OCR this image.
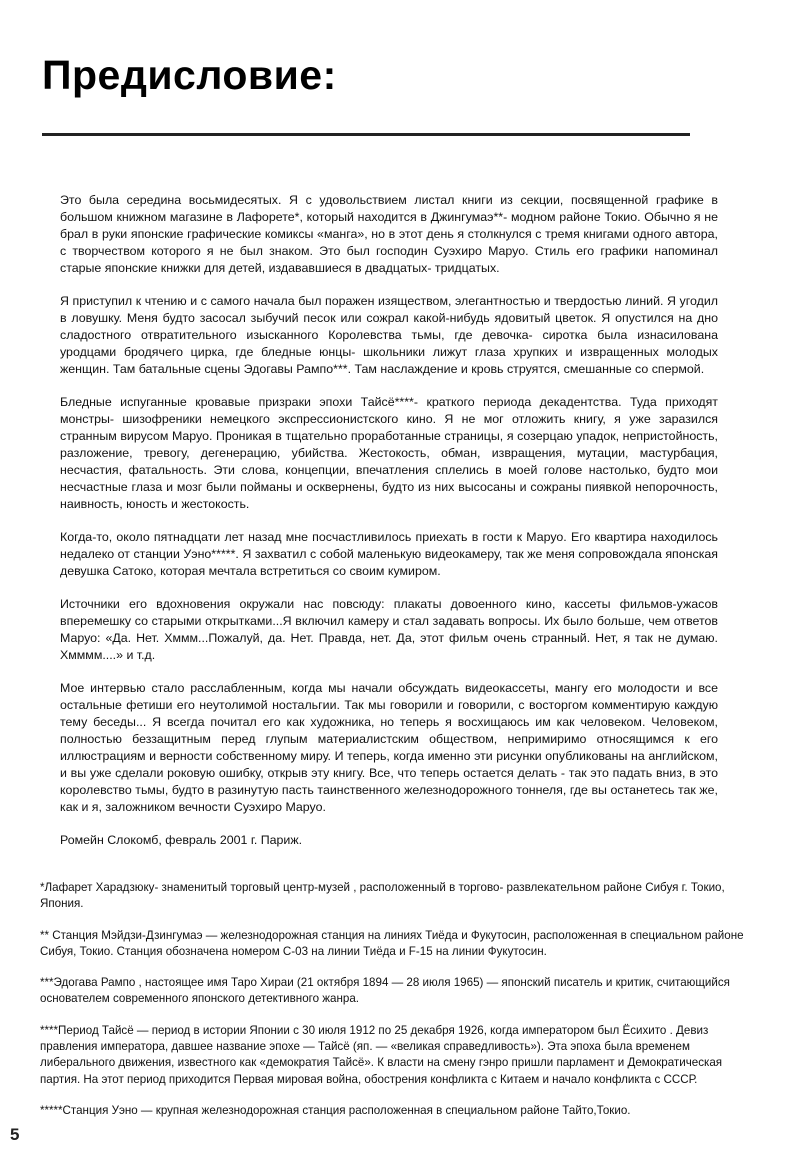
Предисловие:

Это была середина восьмидесятых. Я с удовольствием листал книги из секции, посвященной графике в большом книжном магазине в Лафорете*, который находится в Джингумаэ**- модном районе Токио. Обычно я не брал в руки японские графические комиксы «манга», но в этот день я столкнулся с тремя книгами одного автора, с творчеством которого я не был знаком. Это был господин Суэхиро Маруо. Стиль его графики напоминал старые японские книжки для детей, издававшиеся в двадцатых- тридцатых.

Я приступил к чтению и с самого начала был поражен изяществом, элегантностью и твердостью линий. Я угодил в ловушку. Меня будто засосал зыбучий песок или сожрал какой-нибудь ядовитый цветок. Я опустился на дно сладостного отвратительного изысканного Королевства тьмы, где девочка- сиротка была изнасилована уродцами бродячего цирка, где бледные юнцы- школьники лижут глаза хрупких и извращенных молодых женщин. Там батальные сцены Эдогавы Рампо***. Там наслаждение и кровь струятся, смешанные со спермой.

Бледные испуганные кровавые призраки эпохи Тайсё****- краткого периода декадентства. Туда приходят монстры- шизофреники немецкого экспрессионистского кино. Я не мог отложить книгу, я уже заразился странным вирусом Маруо. Проникая в тщательно проработанные страницы, я созерцаю упадок, непристойность, разложение, тревогу, дегенерацию, убийства. Жестокость, обман, извращения, мутации, мастурбация, несчастия, фатальность. Эти слова, концепции, впечатления сплелись в моей голове настолько, будто мои несчастные глаза и мозг были пойманы и осквернены, будто из них высосаны и сожраны пиявкой непорочность, наивность, юность и жестокость.

Когда-то, около пятнадцати лет назад мне посчастливилось приехать в гости к Маруо. Его квартира находилось недалеко от станции Уэно*****. Я захватил с собой маленькую видеокамеру, так же меня сопровождала японская девушка Сатоко, которая мечтала встретиться со своим кумиром.

Источники его вдохновения окружали нас повсюду: плакаты довоенного кино, кассеты фильмов-ужасов вперемешку со старыми открытками...Я включил камеру и стал задавать вопросы. Их было больше, чем ответов Маруо: «Да. Нет. Хммм...Пожалуй, да. Нет. Правда, нет. Да, этот фильм очень странный. Нет, я так не думаю. Хмммм....» и т.д.

Мое интервью стало расслабленным, когда мы начали обсуждать видеокассеты, мангу его молодости и все остальные фетиши его неутолимой ностальгии. Так мы говорили и говорили, с восторгом комментирую каждую тему беседы... Я всегда почитал его как художника, но теперь я восхищаюсь им как человеком. Человеком, полностью беззащитным перед глупым материалистским обществом, непримиримо относящимся к его иллюстрациям и верности собственному миру. И теперь, когда именно эти рисунки опубликованы на английском, и вы уже сделали роковую ошибку, открыв эту книгу. Все, что теперь остается делать - так это падать вниз, в это королевство тьмы, будто в разинутую пасть таинственного железнодорожного тоннеля, где вы останетесь так же, как и я, заложником вечности Суэхиро Маруо.

Ромейн Слокомб, февраль 2001 г. Париж.

*Лафарет Харадзюку- знаменитый торговый центр-музей , расположенный в торгово- развлекательном районе Сибуя г. Токио, Япония.

** Станция Мэйдзи-Дзингумаэ — железнодорожная станция на линиях Тиёда и Фукутосин, расположенная в специальном районе Сибуя, Токио. Станция обозначена номером C-03 на линии Тиёда и F-15 на линии Фукутосин.

***Эдогава Рампо , настоящее имя Таро Хираи (21 октября 1894 — 28 июля 1965) — японский писатель и критик, считающийся основателем современного японского детективного жанра.

****Период Тайсё — период в истории Японии с 30 июля 1912 по 25 декабря 1926, когда императором был Ёсихито . Девиз правления императора, давшее название эпохе — Тайсё (яп. — «великая справедливость»). Эта эпоха была временем либерального движения, известного как «демократия Тайсё». К власти на смену гэнро пришли парламент и Демократическая партия. На этот период приходится Первая мировая война, обострения конфликта с Китаем и начало конфликта с СССР.

*****Станция Уэно — крупная железнодорожная станция расположенная в специальном районе Тайто,Токио.

5
